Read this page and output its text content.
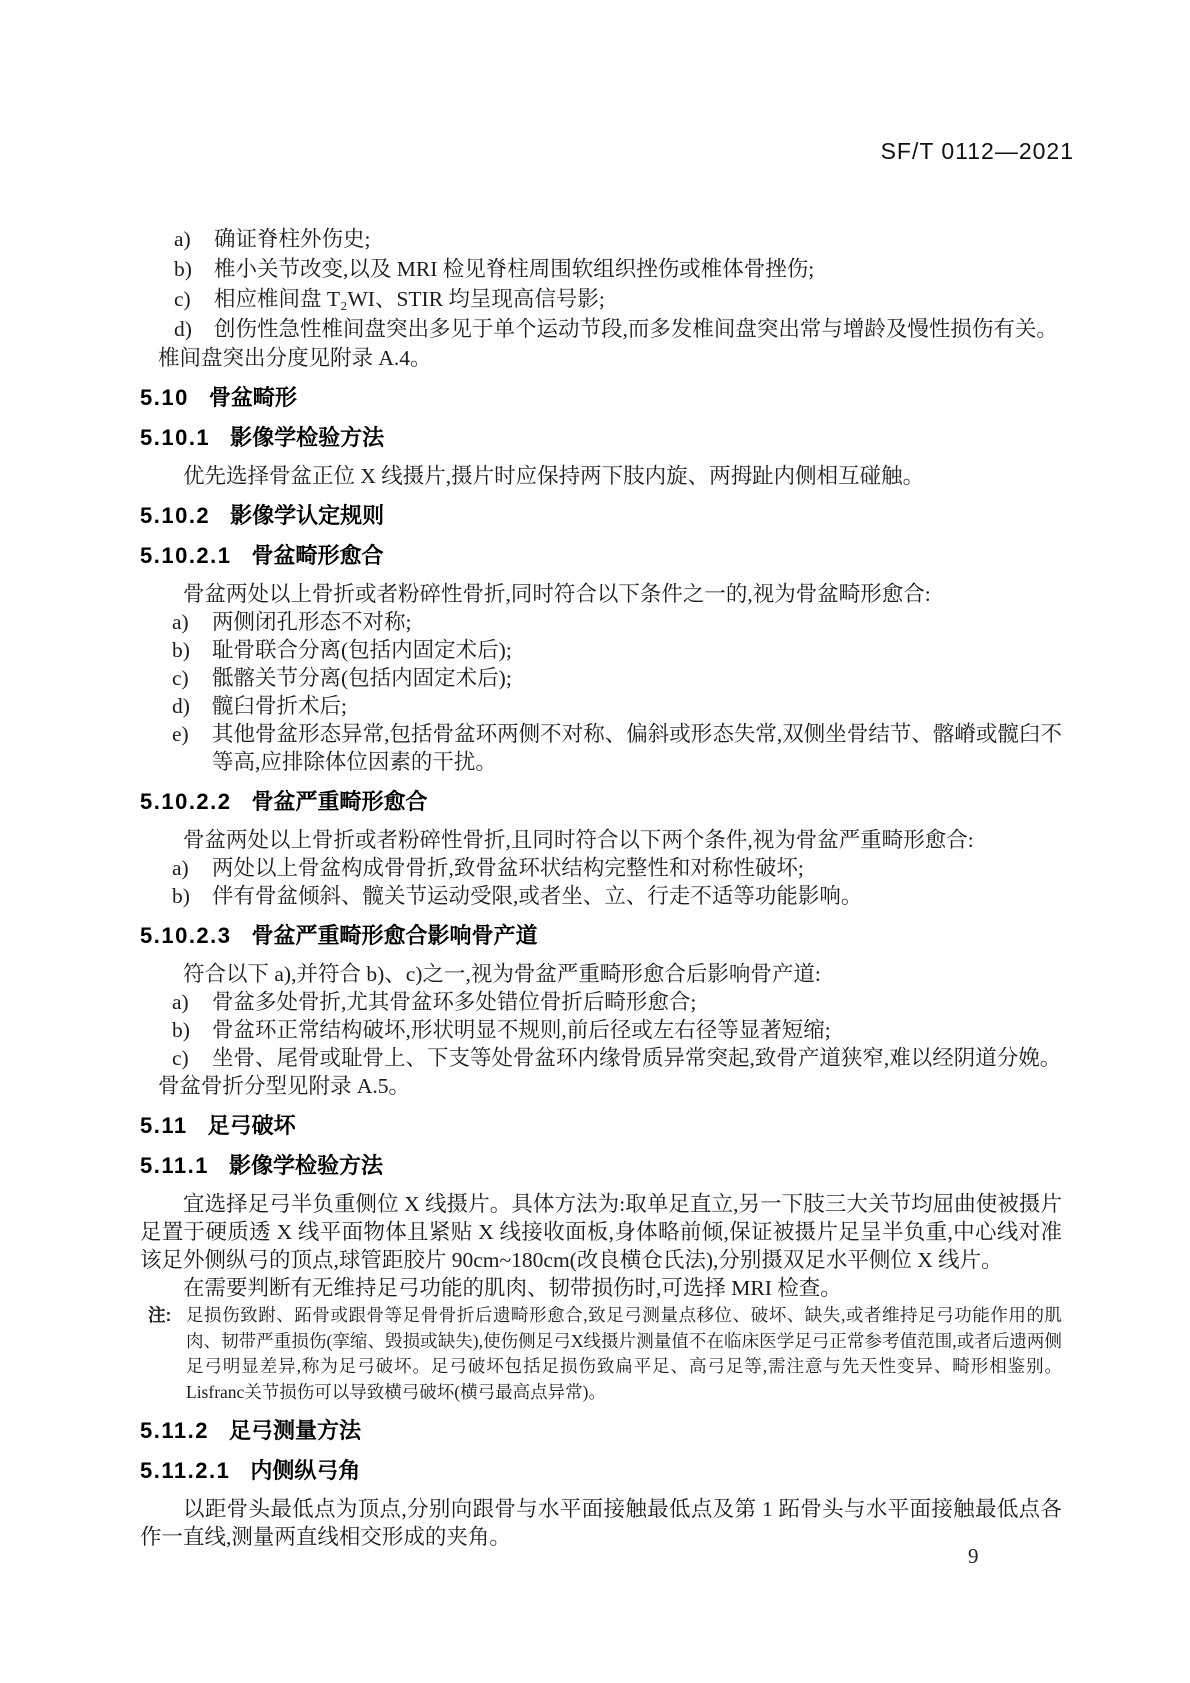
SF/T 0112—2021
a)	确证脊柱外伤史;
b)	椎小关节改变,以及 MRI 检见脊柱周围软组织挫伤或椎体骨挫伤;
c)	相应椎间盘 T₂WI、STIR 均呈现高信号影;
d)	创伤性急性椎间盘突出多见于单个运动节段,而多发椎间盘突出常与增龄及慢性损伤有关。
椎间盘突出分度见附录 A.4。
5.10 骨盆畸形
5.10.1 影像学检验方法

优先选择骨盆正位 X 线摄片,摄片时应保持两下肢内旋、两拇趾内侧相互碰触。

5.10.2 影像学认定规则
5.10.2.1 骨盆畸形愈合

骨盆两处以上骨折或者粉碎性骨折,同时符合以下条件之一的,视为骨盆畸形愈合:

a)	两侧闭孔形态不对称;
b)	耻骨联合分离(包括内固定术后);
c)	骶髂关节分离(包括内固定术后);
d)	髋臼骨折术后;
e)	其他骨盆形态异常,包括骨盆环两侧不对称、偏斜或形态失常,双侧坐骨结节、髂嵴或髋臼不等高,应排除体位因素的干扰。
5.10.2.2 骨盆严重畸形愈合

骨盆两处以上骨折或者粉碎性骨折,且同时符合以下两个条件,视为骨盆严重畸形愈合:

a)	两处以上骨盆构成骨骨折,致骨盆环状结构完整性和对称性破坏;
b)	伴有骨盆倾斜、髋关节运动受限,或者坐、立、行走不适等功能影响。
5.10.2.3 骨盆严重畸形愈合影响骨产道

符合以下 a),并符合 b)、c)之一,视为骨盆严重畸形愈合后影响骨产道:

a)	骨盆多处骨折,尤其骨盆环多处错位骨折后畸形愈合;
b)	骨盆环正常结构破坏,形状明显不规则,前后径或左右径等显著短缩;
c)	坐骨、尾骨或耻骨上、下支等处骨盆环内缘骨质异常突起,致骨产道狭窄,难以经阴道分娩。
骨盆骨折分型见附录 A.5。
5.11 足弓破坏
5.11.1 影像学检验方法

宜选择足弓半负重侧位 X 线摄片。具体方法为:取单足直立,另一下肢三大关节均屈曲使被摄片足置于硬质透 X 线平面物体且紧贴 X 线接收面板,身体略前倾,保证被摄片足呈半负重,中心线对准该足外侧纵弓的顶点,球管距胶片 90cm~180cm(改良横仓氏法),分别摄双足水平侧位 X 线片。

在需要判断有无维持足弓功能的肌肉、韧带损伤时,可选择 MRI 检查。

注: 足损伤致跗、跖骨或跟骨等足骨骨折后遗畸形愈合,致足弓测量点移位、破坏、缺失,或者维持足弓功能作用的肌肉、韧带严重损伤(挛缩、毁损或缺失),使伤侧足弓X线摄片测量值不在临床医学足弓正常参考值范围,或者后遗两侧足弓明显差异,称为足弓破坏。足弓破坏包括足损伤致扁平足、高弓足等,需注意与先天性变异、畸形相鉴别。Lisfranc关节损伤可以导致横弓破坏(横弓最高点异常)。
5.11.2 足弓测量方法
5.11.2.1 内侧纵弓角

以距骨头最低点为顶点,分别向跟骨与水平面接触最低点及第 1 跖骨头与水平面接触最低点各作一直线,测量两直线相交形成的夹角。

9
